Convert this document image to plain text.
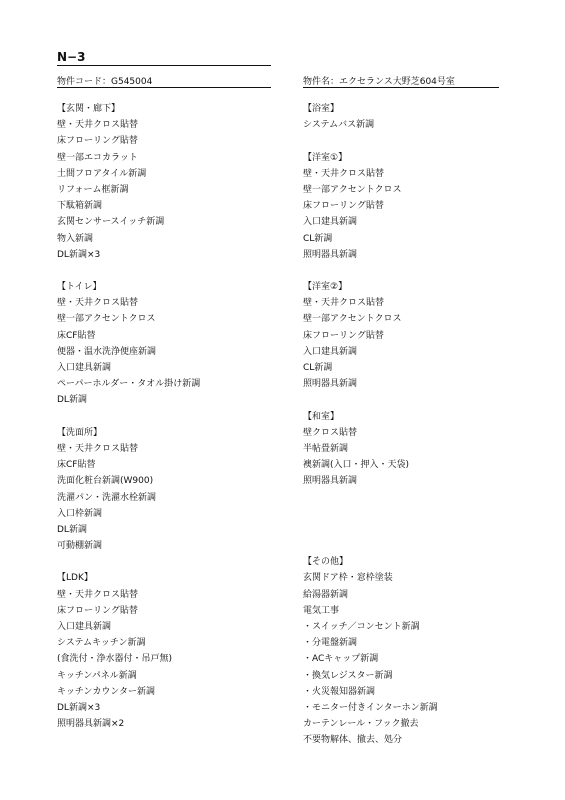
N−3
物件コード：G545004	物件名：エクセランス大野芝604号室
【玄関・廊下】
壁・天井クロス貼替
床フローリング貼替
壁一部エコカラット
土間フロアタイル新調
リフォーム框新調
下駄箱新調
玄関センサースイッチ新調
物入新調
DL新調×3
【トイレ】
壁・天井クロス貼替
壁一部アクセントクロス
床CF貼替
便器・温水洗浄便座新調
入口建具新調
ペーパーホルダー・タオル掛け新調
DL新調
【洗面所】
壁・天井クロス貼替
床CF貼替
洗面化粧台新調(W900)
洗濯パン・洗濯水栓新調
入口枠新調
DL新調
可動棚新調
【LDK】
壁・天井クロス貼替
床フローリング貼替
入口建具新調
システムキッチン新調
(食洗付・浄水器付・吊戸無)
キッチンパネル新調
キッチンカウンター新調
DL新調×3
照明器具新調×2
【浴室】
システムバス新調
【洋室①】
壁・天井クロス貼替
壁一部アクセントクロス
床フローリング貼替
入口建具新調
CL新調
照明器具新調
【洋室②】
壁・天井クロス貼替
壁一部アクセントクロス
床フローリング貼替
入口建具新調
CL新調
照明器具新調
【和室】
壁クロス貼替
半帖畳新調
襖新調(入口・押入・天袋)
照明器具新調
【その他】
玄関ドア枠・窓枠塗装
給湯器新調
電気工事
・スイッチ／コンセント新調
・分電盤新調
・ACキャップ新調
・換気レジスター新調
・火災報知器新調
・モニター付きインターホン新調
カーテンレール・フック撤去
不要物解体、撤去、処分
